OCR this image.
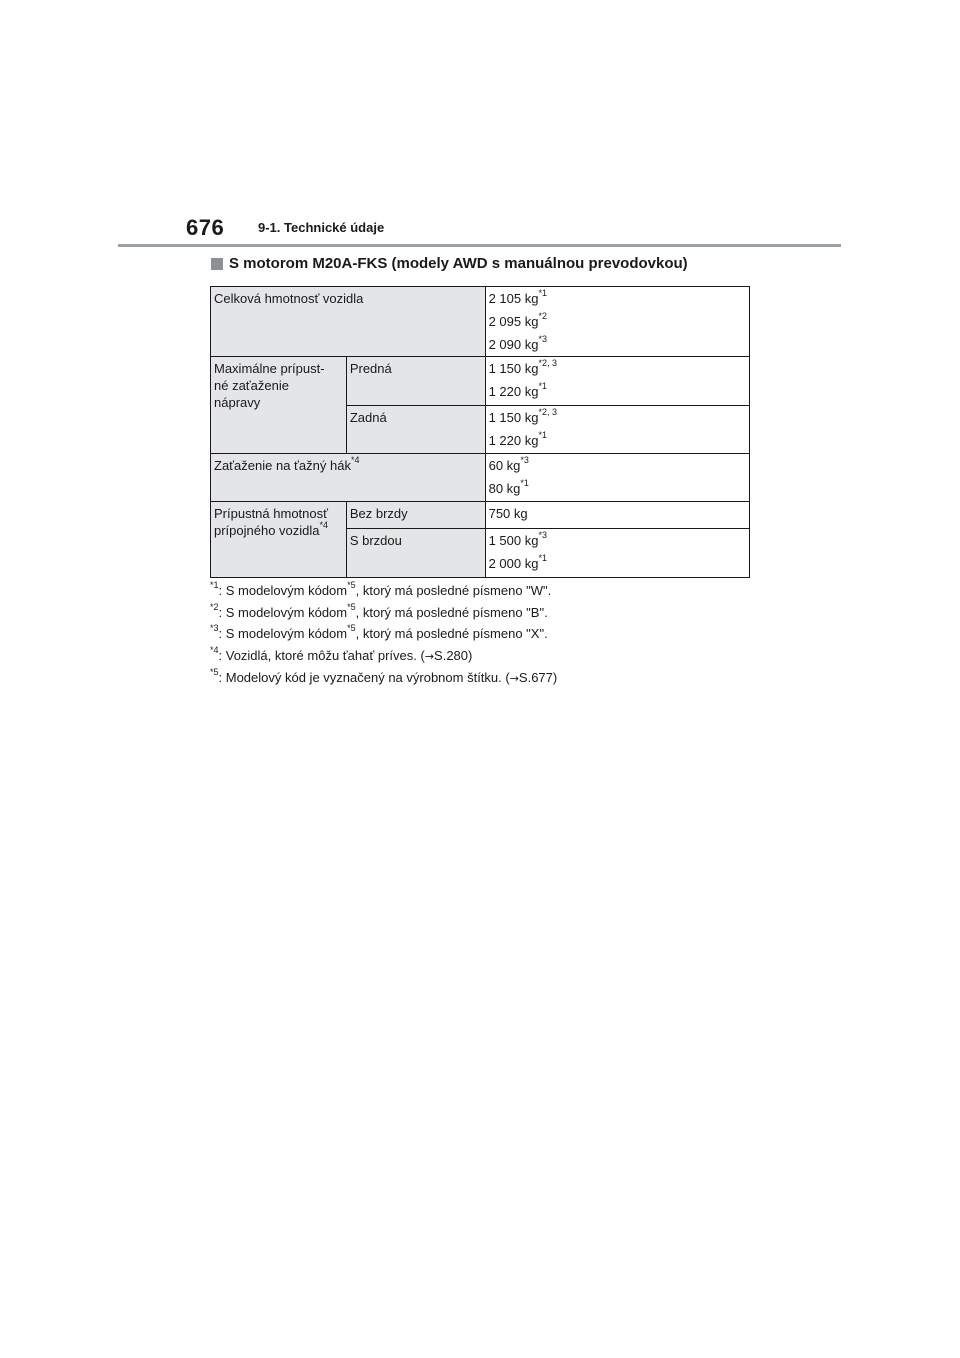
676	9-1. Technické údaje
S motorom M20A-FKS (modely AWD s manuálnou prevodovkou)
Celková hmotnosť vozidla		2 105 $kg^{*1}$
2 095 $kg^{*2}$
2 090 $kg^{*3}$

Maximálne prípust-
né zaťaženie
nápravy	Predná	1 150 kg$^{*2, 3}$
1 220 $kg^{*1}$

	Zadná	1 150 kg$^{*2, 3}$
1 220 $kg^{*1}$

Zaťaženie na ťažný hák$^{*4}$		60 $kg^{*3}$
80 $kg^{*1}$

Prípustná hmotnosť
prípojného vozidla$^{*4}$	Bez brzdy	750 kg
	S brzdou	1 500 $kg^{*3}$
2 000 $kg^{*1}$
$^{*1}$: S modelovým kódom$^{*5}$, ktorý má posledné písmeno "W".
$^{*2}$: S modelovým kódom$^{*5}$, ktorý má posledné písmeno "B".
$^{*3}$: S modelovým kódom$^{*5}$, ktorý má posledné písmeno "X".
$^{*4}$: Vozidlá, ktoré môžu ťahať príves. (→S.280)
$^{*5}$: Modelový kód je vyznačený na výrobnom štítku. (→S.677)
